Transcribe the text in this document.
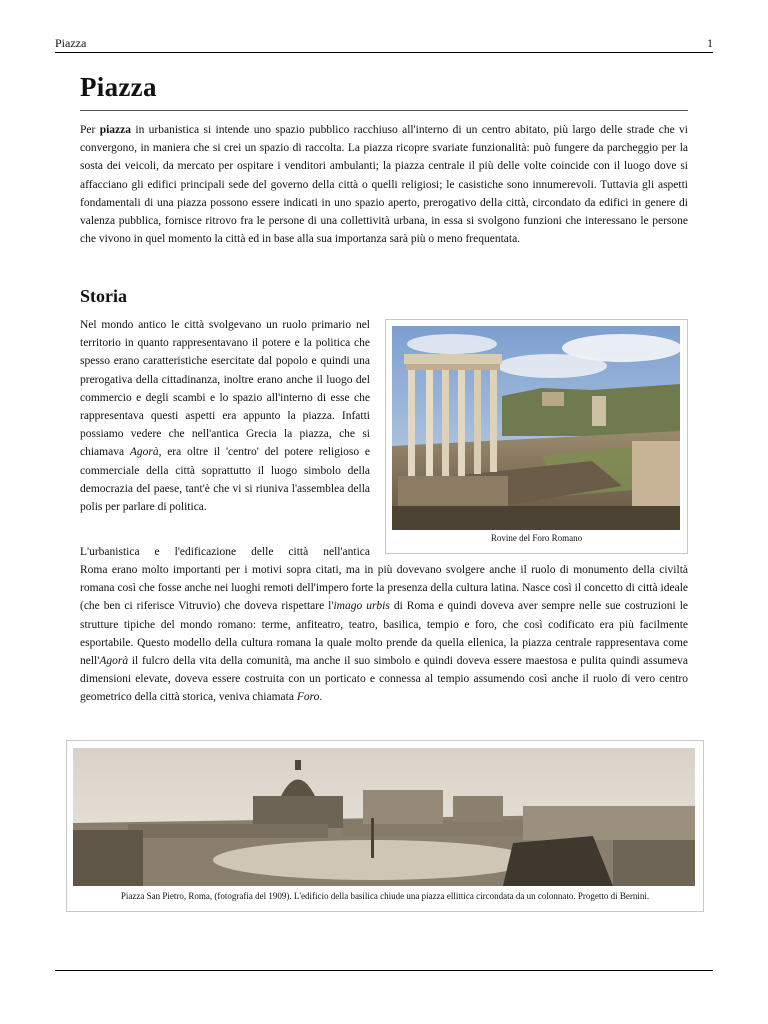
Piazza	1
Piazza

Per piazza in urbanistica si intende uno spazio pubblico racchiuso all'interno di un centro abitato, più largo delle strade che vi convergono, in maniera che si crei un spazio di raccolta. La piazza ricopre svariate funzionalità: può fungere da parcheggio per la sosta dei veicoli, da mercato per ospitare i venditori ambulanti; la piazza centrale il più delle volte coincide con il luogo dove si affacciano gli edifici principali sede del governo della città o quelli religiosi; le casistiche sono innumerevoli. Tuttavia gli aspetti fondamentali di una piazza possono essere indicati in uno spazio aperto, prerogativo della città, circondato da edifici in genere di valenza pubblica, fornisce ritrovo fra le persone di una collettività urbana, in essa si svolgono funzioni che interessano le persone che vivono in quel momento la città ed in base alla sua importanza sarà più o meno frequentata.

Storia

Nel mondo antico le città svolgevano un ruolo primario nel territorio in quanto rappresentavano il potere e la politica che spesso erano caratteristiche esercitate dal popolo e quindi una prerogativa della cittadinanza, inoltre erano anche il luogo del commercio e degli scambi e lo spazio all'interno di esse che rappresentava questi aspetti era appunto la piazza. Infatti possiamo vedere che nell'antica Grecia la piazza, che si chiamava Agorà, era oltre il 'centro' del potere religioso e commerciale della città soprattutto il luogo simbolo della democrazia del paese, tant'è che vi si riuniva l'assemblea della polis per parlare di politica.

L'urbanistica e l'edificazione delle città nell'antica

Roma erano molto importanti per i motivi sopra citati, ma in più dovevano svolgere anche il ruolo di monumento della civiltà romana così che fosse anche nei luoghi remoti dell'impero forte la presenza della cultura latina. Nasce così il concetto di città ideale (che ben ci riferisce Vitruvio) che doveva rispettare l'imago urbis di Roma e quindi doveva aver sempre nelle sue costruzioni le strutture tipiche del mondo romano: terme, anfiteatro, teatro, basilica, tempio e foro, che così codificato era più facilmente esportabile. Questo modello della cultura romana la quale molto prende da quella ellenica, la piazza centrale rappresentava come nell'Agorà il fulcro della vita della comunità, ma anche il suo simbolo e quindi doveva essere maestosa e pulita quindi assumeva dimensioni elevate, doveva essere costruita con un porticato e connessa al tempio assumendo così anche il ruolo di vero centro geometrico della città storica, veniva chiamata Foro.

Rovine del Foro Romano
Piazza San Pietro, Roma, (fotografia del 1909). L'edificio della basilica chiude una piazza ellittica circondata da un colonnato. Progetto di Bernini.
